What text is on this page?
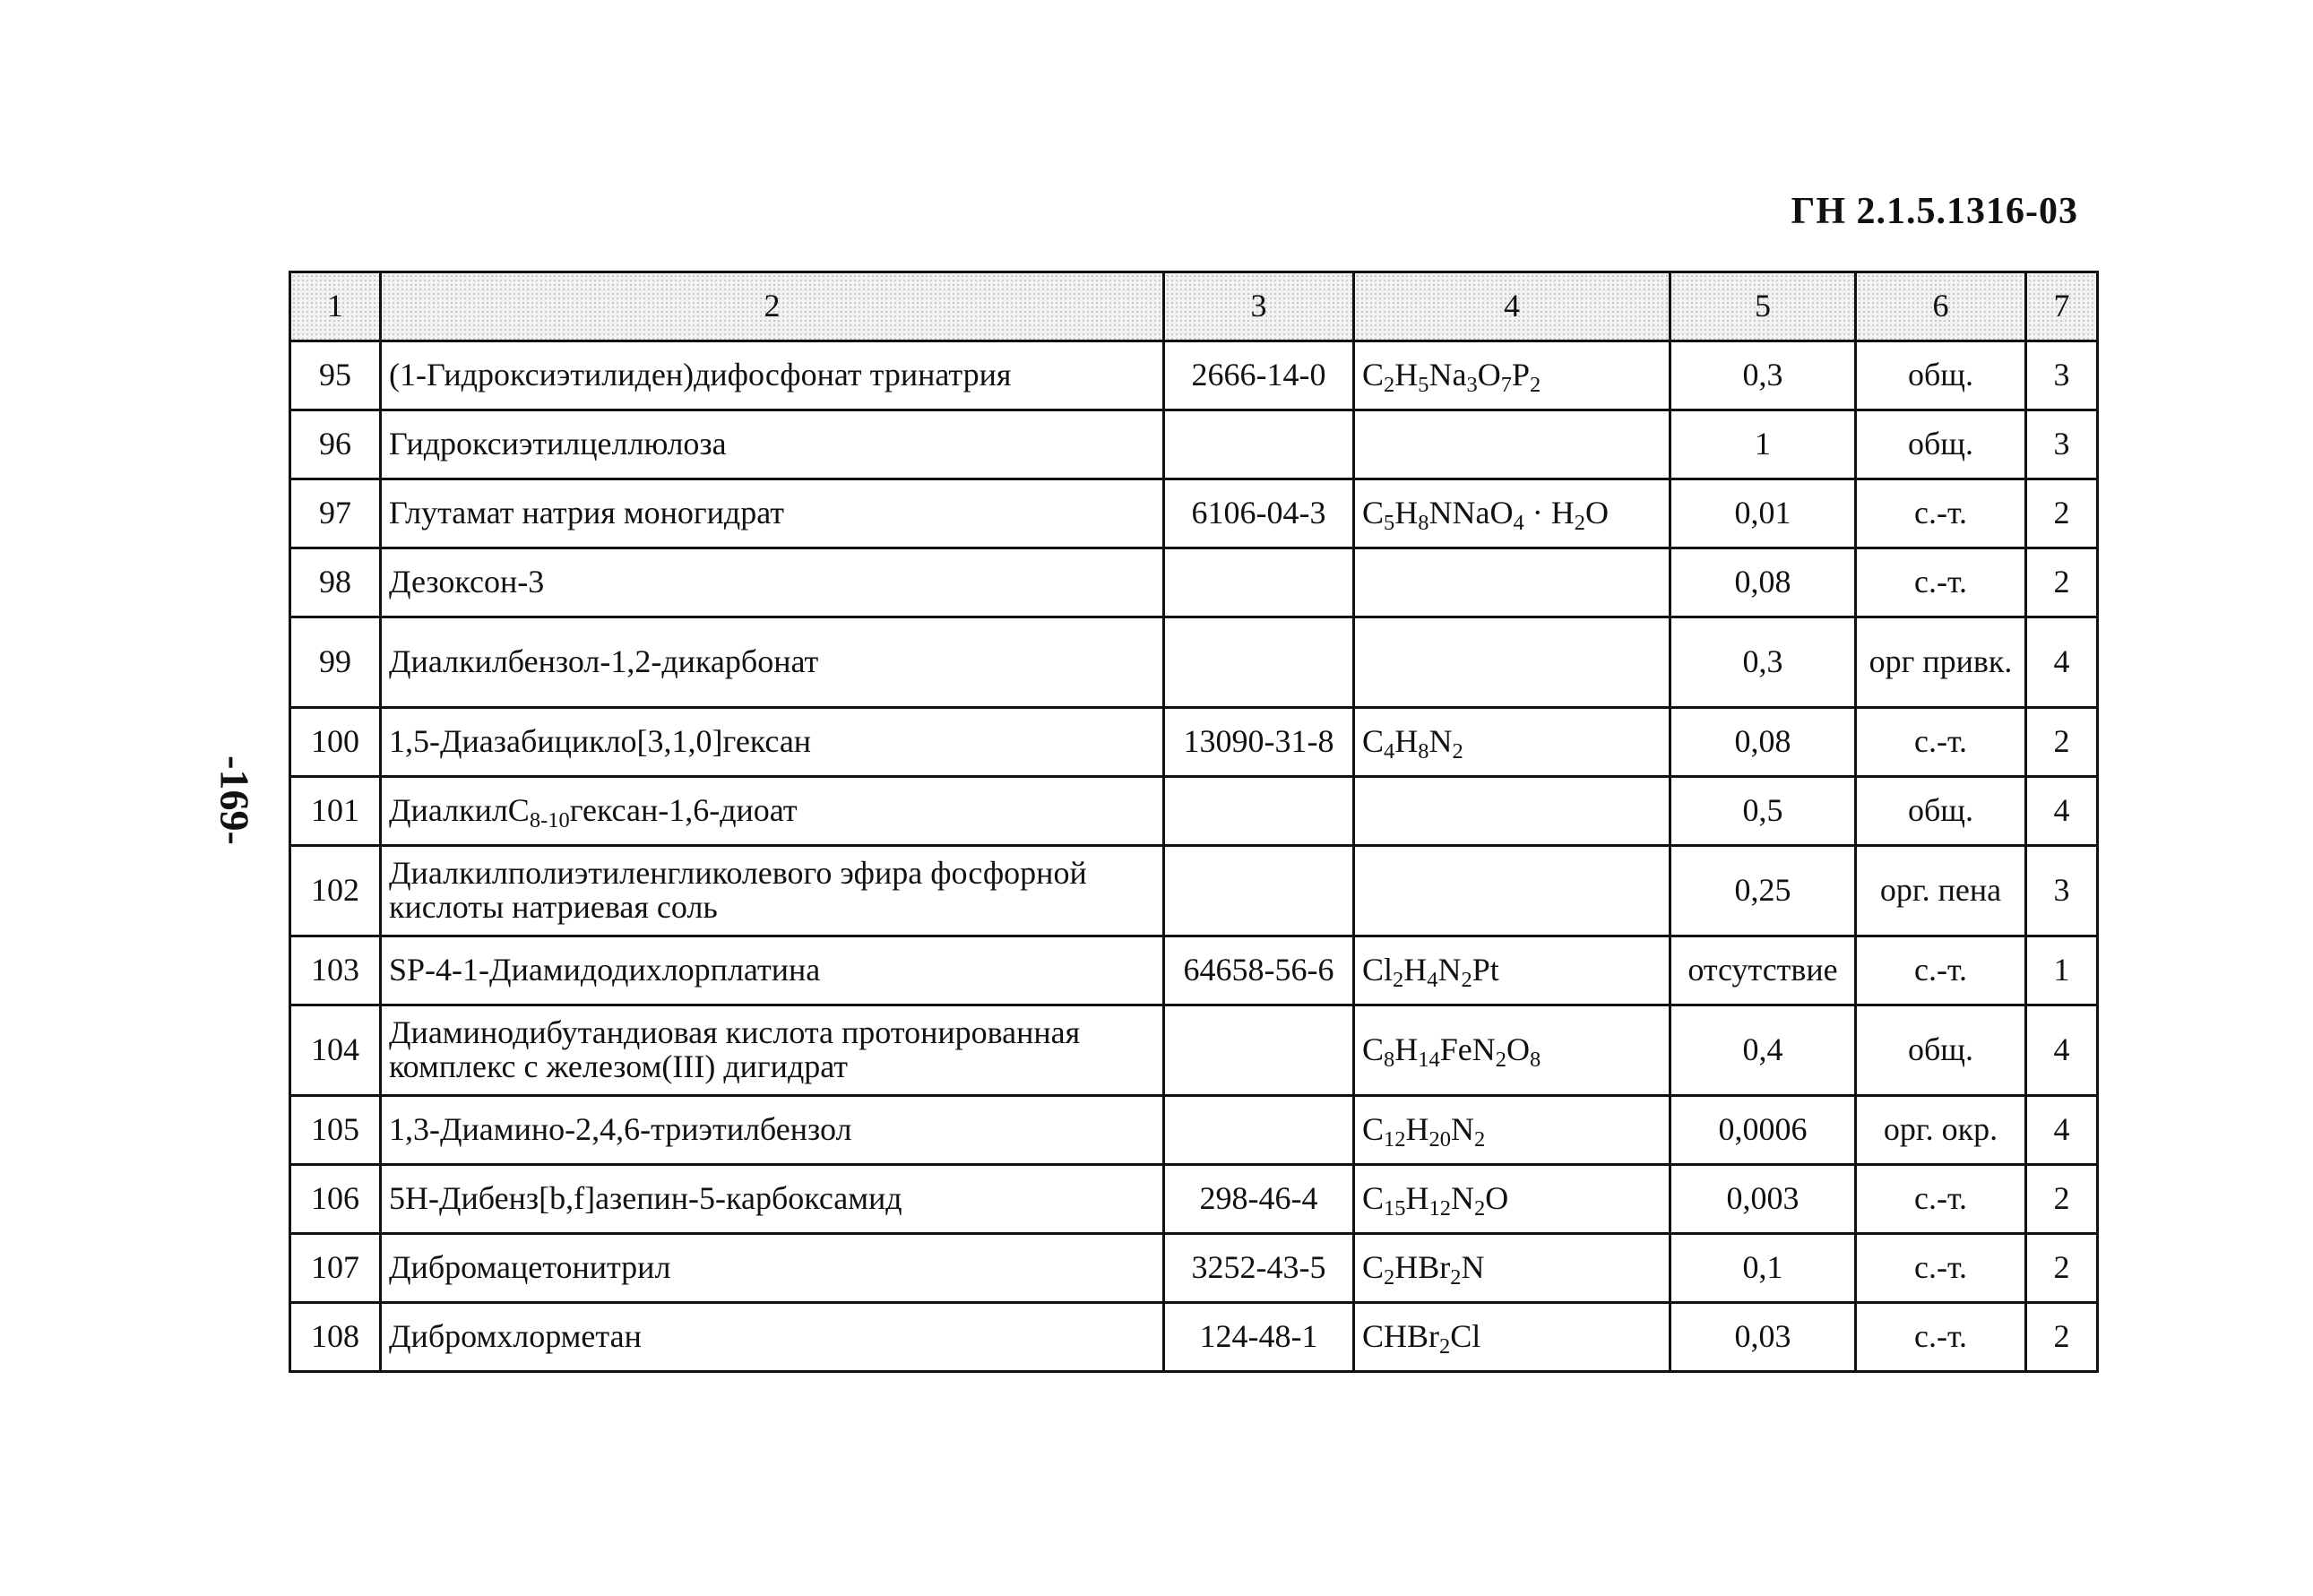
ГН 2.1.5.1316-03
-169-
1	2	3	4	5	6	7
95	(1-Гидроксиэтилиден)дифосфонат тринатрия	2666-14-0	$C_2H_5Na_3O_7P_2$	0,3	общ.	3
96	Гидроксиэтилцеллюлоза			1	общ.	3
97	Глутамат натрия моногидрат	6106-04-3	$C_5H_8NNaO_4 \cdot H_2O$	0,01	с.-т.	2
98	Дезоксон-3			0,08	с.-т.	2
99	Диалкилбензол-1,2-дикарбонат			0,3	орг привк.	4
100	1,5-Диазабицикло[3,1,0]гексан	13090-31-8	$C_4H_8N_2$	0,08	с.-т.	2
101	ДиалкилC$_{8-10}$гексан-1,6-диоат			0,5	общ.	4
102	Диалкилполиэтиленгликолевого эфира фосфорной кислоты натриевая соль			0,25	орг. пена	3
103	SP-4-1-Диамидодихлорплатина	64658-56-6	$Cl_2H_4N_2Pt$	отсутствие	с.-т.	1
104	Диаминодибутандиовая кислота протонированная комплекс с железом(III) дигидрат		$C_8H_{14}FeN_2O_8$	0,4	общ.	4
105	1,3-Диамино-2,4,6-триэтилбензол		$C_{12}H_{20}N_2$	0,0006	орг. окр.	4
106	5H-Дибенз[b,f]азепин-5-карбоксамид	298-46-4	$C_{15}H_{12}N_2O$	0,003	с.-т.	2
107	Дибромацетонитрил	3252-43-5	$C_2HBr_2N$	0,1	с.-т.	2
108	Дибромхлорметан	124-48-1	CHBr$_2$Cl	0,03	с.-т.	2
